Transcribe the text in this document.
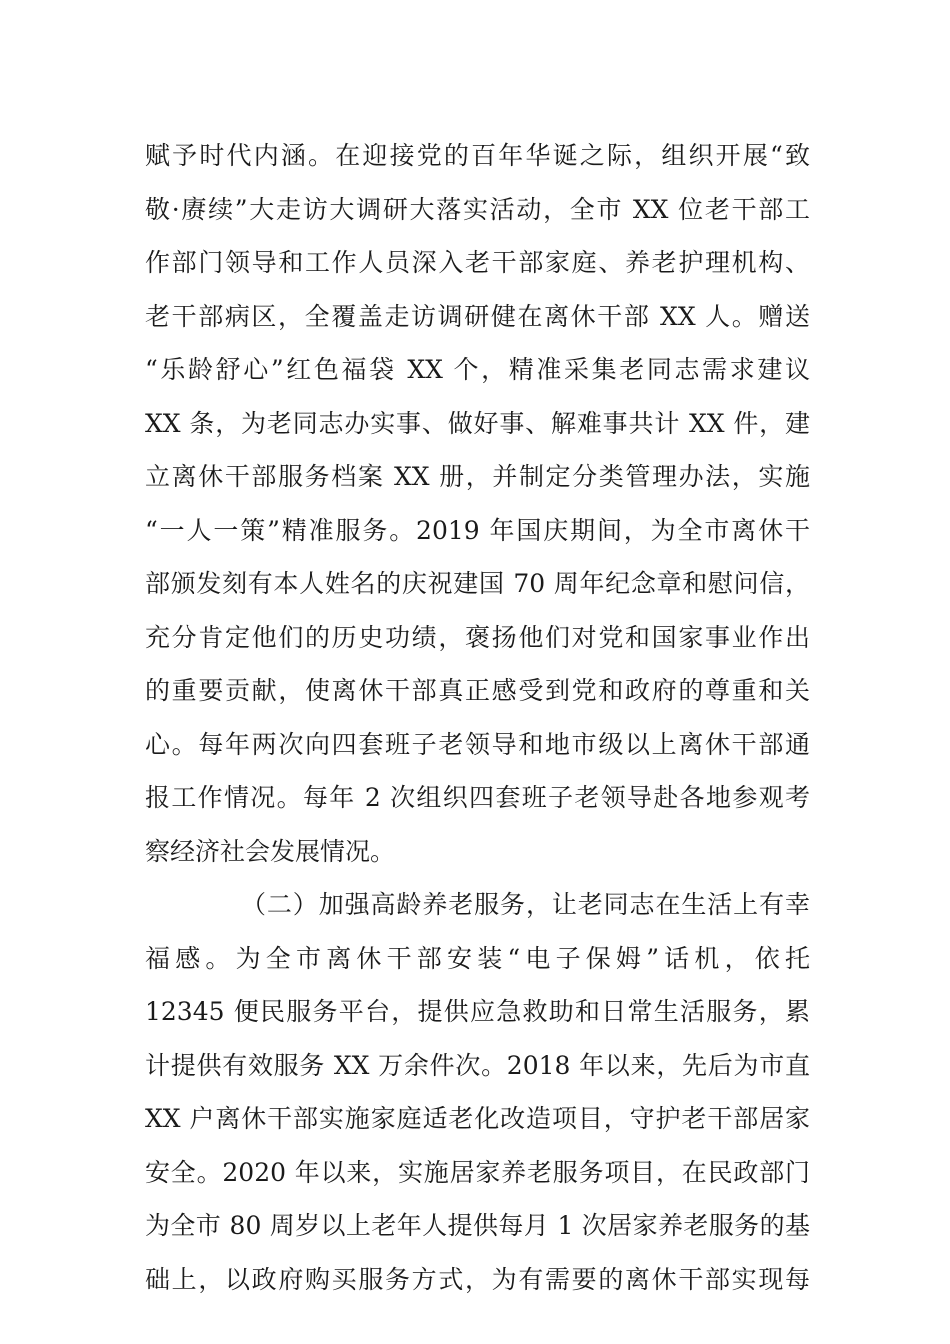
赋予时代内涵。在迎接党的百年华诞之际，组织开展“致
敬·赓续”大走访大调研大落实活动，全市 XX 位老干部工
作部门领导和工作人员深入老干部家庭、养老护理机构、
老干部病区，全覆盖走访调研健在离休干部 XX 人。赠送
“乐龄舒心”红色福袋 XX 个，精准采集老同志需求建议
XX 条，为老同志办实事、做好事、解难事共计 XX 件，建
立离休干部服务档案 XX 册，并制定分类管理办法，实施
“一人一策”精准服务。2019 年国庆期间，为全市离休干
部颁发刻有本人姓名的庆祝建国 70 周年纪念章和慰问信，
充分肯定他们的历史功绩，褒扬他们对党和国家事业作出
的重要贡献，使离休干部真正感受到党和政府的尊重和关
心。每年两次向四套班子老领导和地市级以上离休干部通
报工作情况。每年 2 次组织四套班子老领导赴各地参观考
察经济社会发展情况。
（二）加强高龄养老服务，让老同志在生活上有幸
福感。为全市离休干部安装“电子保姆”话机，依托
12345 便民服务平台，提供应急救助和日常生活服务，累
计提供有效服务 XX 万余件次。2018 年以来，先后为市直
XX 户离休干部实施家庭适老化改造项目，守护老干部居家
安全。2020 年以来，实施居家养老服务项目，在民政部门
为全市 80 周岁以上老年人提供每月 1 次居家养老服务的基
础上，以政府购买服务方式，为有需要的离休干部实现每
